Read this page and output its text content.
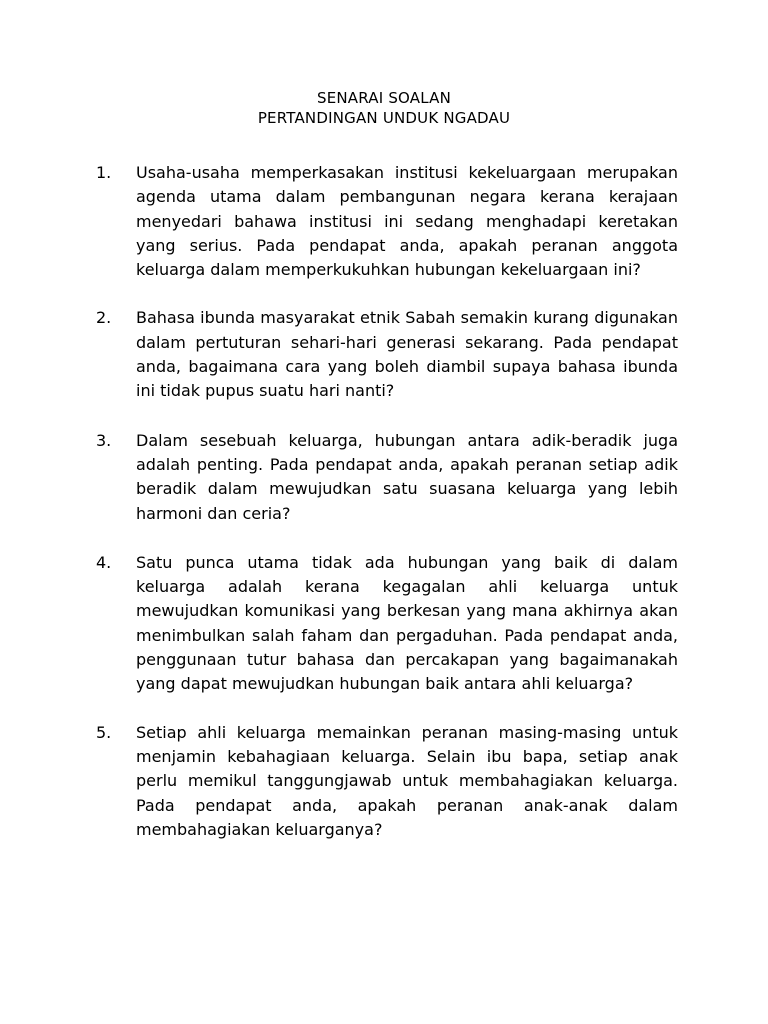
SENARAI SOALAN
PERTANDINGAN UNDUK NGADAU
1. Usaha-usaha memperkasakan institusi kekeluargaan merupakan agenda utama dalam pembangunan negara kerana kerajaan menyedari bahawa institusi ini sedang menghadapi keretakan yang serius. Pada pendapat anda, apakah peranan anggota keluarga dalam memperkukuhkan hubungan kekeluargaan ini?
2. Bahasa ibunda masyarakat etnik Sabah semakin kurang digunakan dalam pertuturan sehari-hari generasi sekarang. Pada pendapat anda, bagaimana cara yang boleh diambil supaya bahasa ibunda ini tidak pupus suatu hari nanti?
3. Dalam sesebuah keluarga, hubungan antara adik-beradik juga adalah penting. Pada pendapat anda, apakah peranan setiap adik beradik dalam mewujudkan satu suasana keluarga yang lebih harmoni dan ceria?
4. Satu punca utama tidak ada hubungan yang baik di dalam keluarga adalah kerana kegagalan ahli keluarga untuk mewujudkan komunikasi yang berkesan yang mana akhirnya akan menimbulkan salah faham dan pergaduhan. Pada pendapat anda, penggunaan tutur bahasa dan percakapan yang bagaimanakah yang dapat mewujudkan hubungan baik antara ahli keluarga?
5. Setiap ahli keluarga memainkan peranan masing-masing untuk menjamin kebahagiaan keluarga. Selain ibu bapa, setiap anak perlu memikul tanggungjawab untuk membahagiakan keluarga. Pada pendapat anda, apakah peranan anak-anak dalam membahagiakan keluarganya?
